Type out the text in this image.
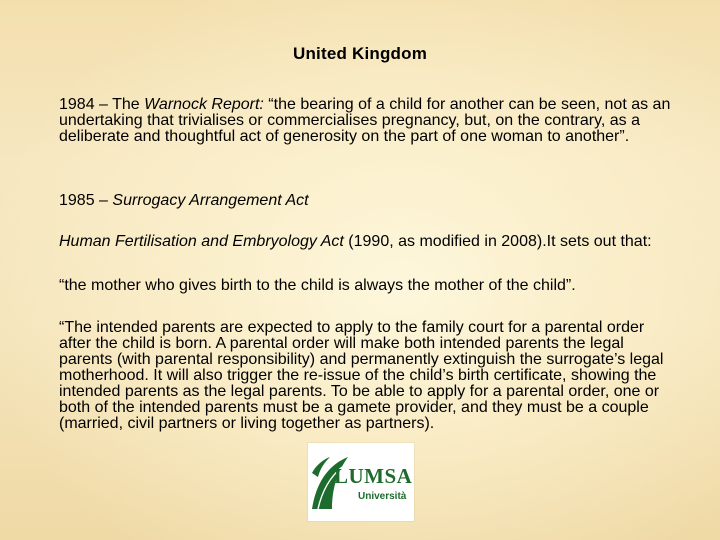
United Kingdom

1984 – The Warnock Report: “the bearing of a child for another can be seen, not as an undertaking that trivialises or commercialises pregnancy, but, on the contrary, as a deliberate and thoughtful act of generosity on the part of one woman to another”.

1985 – Surrogacy Arrangement Act

Human Fertilisation and Embryology Act (1990, as modified in 2008).It sets out that:

“the mother who gives birth to the child is always the mother of the child”.

“The intended parents are expected to apply to the family court for a parental order after the child is born. A parental order will make both intended parents the legal parents (with parental responsibility) and permanently extinguish the surrogate’s legal motherhood. It will also trigger the re-issue of the child’s birth certificate, showing the intended parents as the legal parents. To be able to apply for a parental order, one or both of the intended parents must be a gamete provider, and they must be a couple (married, civil partners or living together as partners).

LUMSA
Università
